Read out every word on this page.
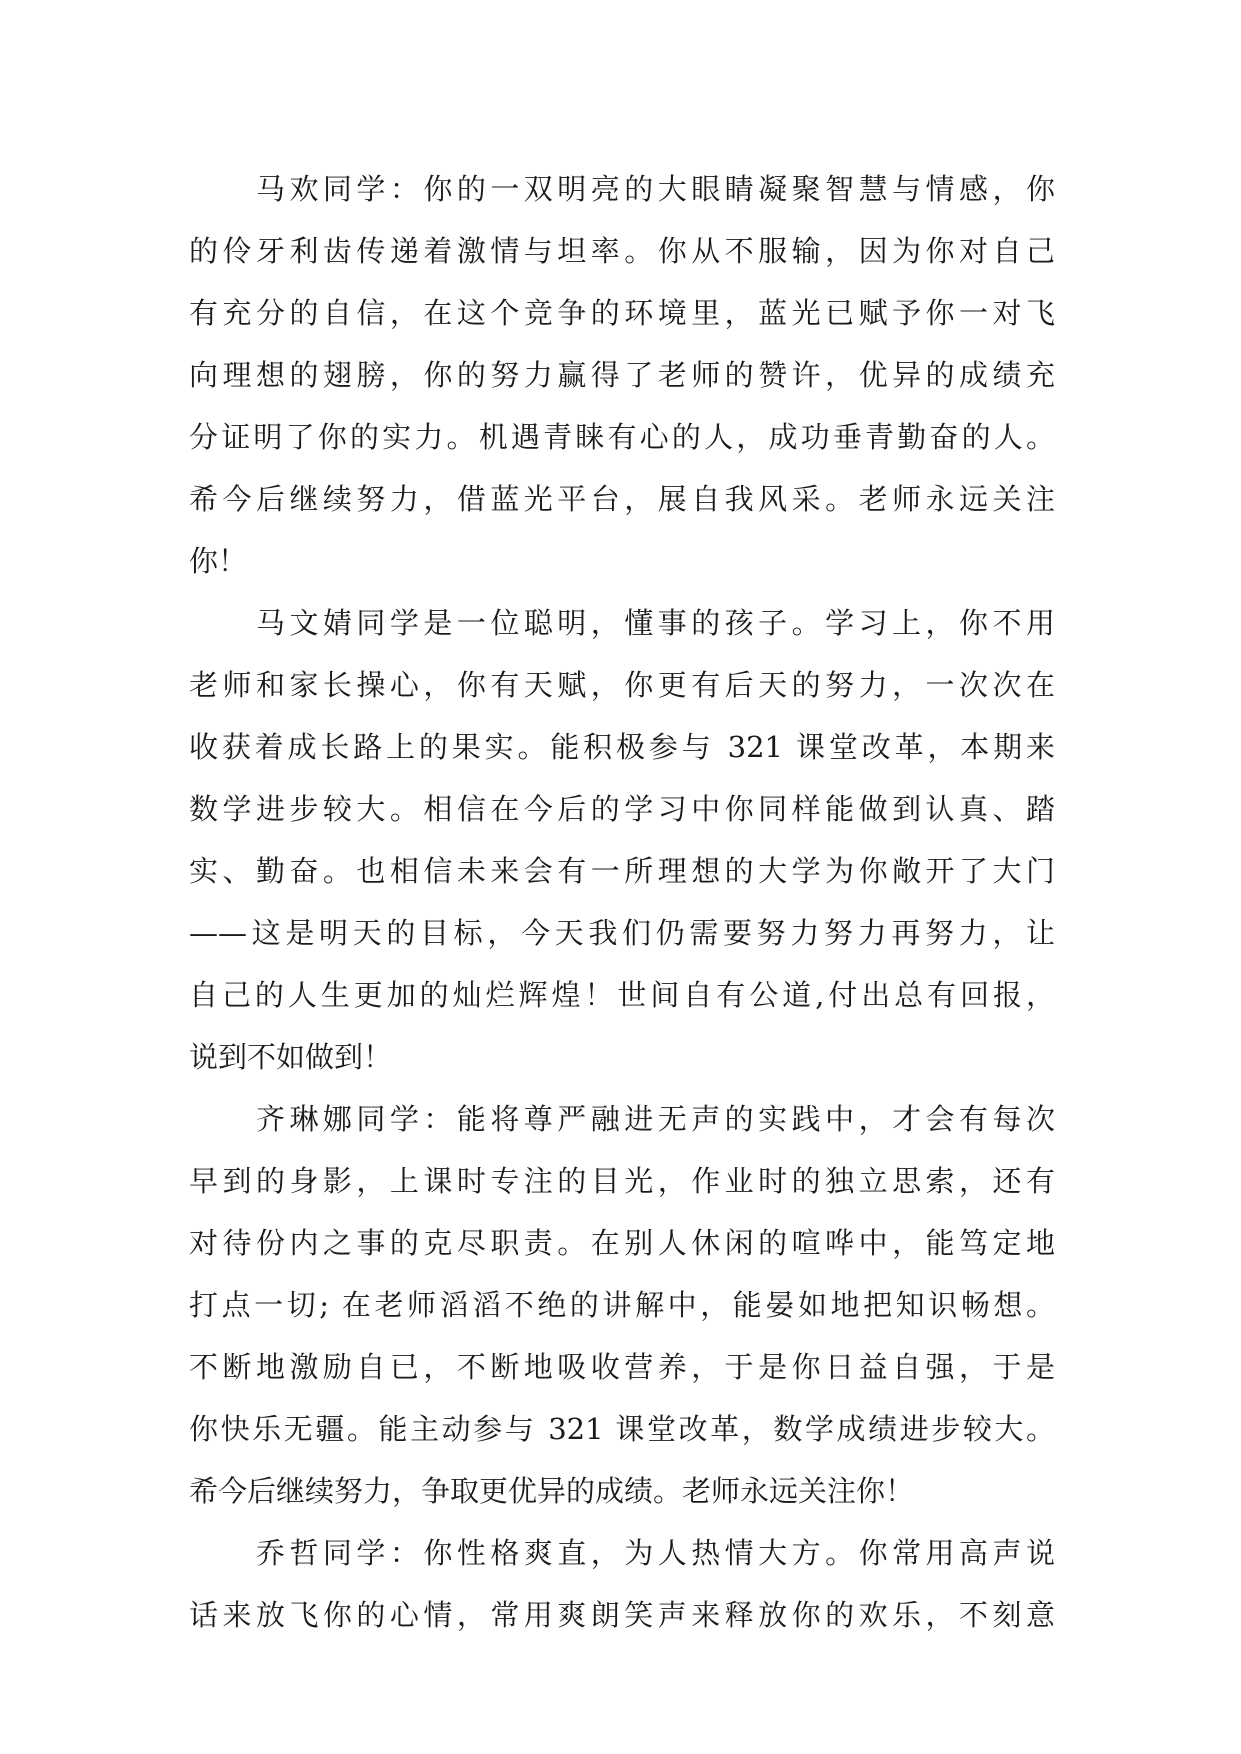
　　马欢同学：你的一双明亮的大眼睛凝聚智慧与情感，你
的伶牙利齿传递着激情与坦率。你从不服输，因为你对自己
有充分的自信，在这个竞争的环境里，蓝光已赋予你一对飞
向理想的翅膀，你的努力赢得了老师的赞许，优异的成绩充
分证明了你的实力。机遇青睐有心的人，成功垂青勤奋的人。
希今后继续努力，借蓝光平台，展自我风采。老师永远关注
你！
　　马文婧同学是一位聪明，懂事的孩子。学习上，你不用
老师和家长操心，你有天赋，你更有后天的努力，一次次在
收获着成长路上的果实。能积极参与 321 课堂改革，本期来
数学进步较大。相信在今后的学习中你同样能做到认真、踏
实、勤奋。也相信未来会有一所理想的大学为你敞开了大门
——这是明天的目标，今天我们仍需要努力努力再努力，让
自己的人生更加的灿烂辉煌！世间自有公道,付出总有回报，
说到不如做到！
　　齐琳娜同学：能将尊严融进无声的实践中，才会有每次
早到的身影，上课时专注的目光，作业时的独立思索，还有
对待份内之事的克尽职责。在别人休闲的喧哗中，能笃定地
打点一切; 在老师滔滔不绝的讲解中，能晏如地把知识畅想。
不断地激励自已，不断地吸收营养，于是你日益自强，于是
你快乐无疆。能主动参与 321 课堂改革，数学成绩进步较大。
希今后继续努力，争取更优异的成绩。老师永远关注你！
　　乔哲同学：你性格爽直，为人热情大方。你常用高声说
话来放飞你的心情，常用爽朗笑声来释放你的欢乐，不刻意
